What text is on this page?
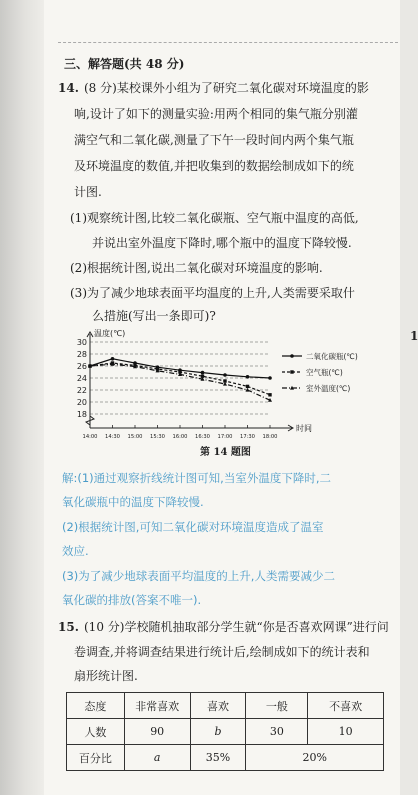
1
三、解答题(共 48 分)
14. (8 分)某校课外小组为了研究二氧化碳对环境温度的影
响,设计了如下的测量实验:用两个相同的集气瓶分别灌
满空气和二氧化碳,测量了下午一段时间内两个集气瓶
及环境温度的数值,并把收集到的数据绘制成如下的统
计图.
(1)观察统计图,比较二氧化碳瓶、空气瓶中温度的高低,
并说出室外温度下降时,哪个瓶中的温度下降较慢.
(2)根据统计图,说出二氧化碳对环境温度的影响.
(3)为了减少地球表面平均温度的上升,人类需要采取什
么措施(写出一条即可)?
18
20
22
24
26
28
30
温度(℃)
时间
14:00 14:30 15:00 15:30 16:00 16:30 17:00 17:30 18:00
二氧化碳瓶(℃)
空气瓶(℃)
室外温度(℃)
第 14 题图
解:(1)通过观察折线统计图可知,当室外温度下降时,二
氧化碳瓶中的温度下降较慢.
(2)根据统计图,可知二氧化碳对环境温度造成了温室
效应.
(3)为了减少地球表面平均温度的上升,人类需要减少二
氧化碳的排放(答案不唯一).
15. (10 分)学校随机抽取部分学生就“你是否喜欢网课”进行问
卷调查,并将调查结果进行统计后,绘制成如下的统计表和
扇形统计图.
态度	非常喜欢	喜欢	一般	不喜欢
人数	90	b	30	10
百分比	a	35%	20%	
